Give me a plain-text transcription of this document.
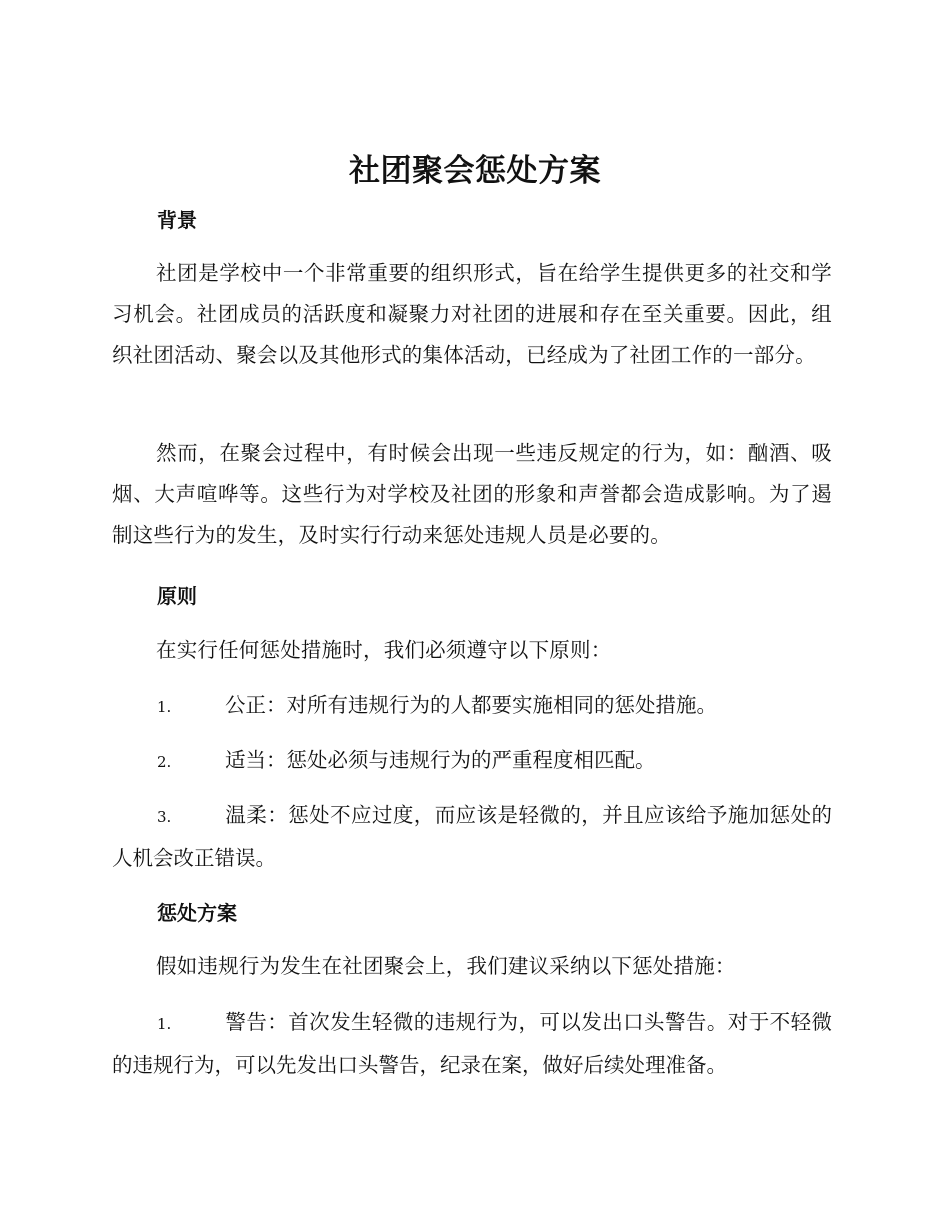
社团聚会惩处方案
背景
社团是学校中一个非常重要的组织形式，旨在给学生提供更多的社交和学习机会。社团成员的活跃度和凝聚力对社团的进展和存在至关重要。因此，组织社团活动、聚会以及其他形式的集体活动，已经成为了社团工作的一部分。
然而，在聚会过程中，有时候会出现一些违反规定的行为，如：酗酒、吸烟、大声喧哗等。这些行为对学校及社团的形象和声誉都会造成影响。为了遏制这些行为的发生，及时实行行动来惩处违规人员是必要的。
原则
在实行任何惩处措施时，我们必须遵守以下原则：
1.	公正：对所有违规行为的人都要实施相同的惩处措施。
2.	适当：惩处必须与违规行为的严重程度相匹配。
3.	温柔：惩处不应过度，而应该是轻微的，并且应该给予施加惩处的人机会改正错误。
惩处方案
假如违规行为发生在社团聚会上，我们建议采纳以下惩处措施：
1.	警告：首次发生轻微的违规行为，可以发出口头警告。对于不轻微的违规行为，可以先发出口头警告，纪录在案，做好后续处理准备。
